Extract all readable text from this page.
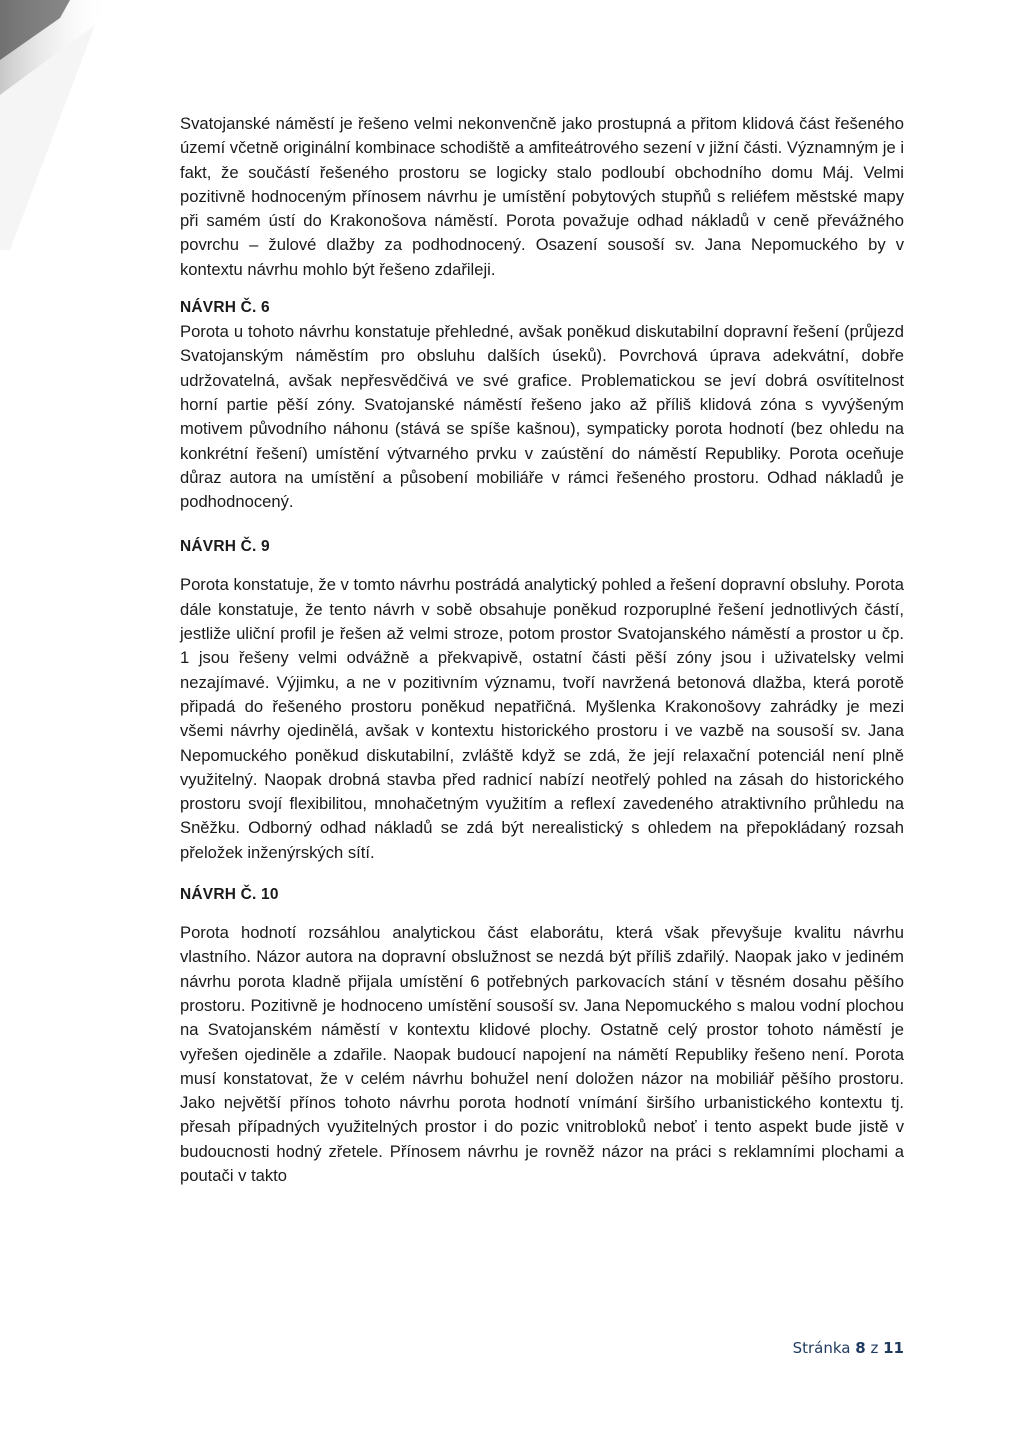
Svatojanské náměstí je řešeno velmi nekonvenčně jako prostupná a přitom klidová část řešeného území včetně originální kombinace schodiště a amfiteátrového sezení v jižní části. Významným je i fakt, že součástí řešeného prostoru se logicky stalo podloubí obchodního domu Máj. Velmi pozitivně hodnoceným přínosem návrhu je umístění pobytových stupňů s reliéfem městské mapy při samém ústí do Krakonošova náměstí. Porota považuje odhad nákladů v ceně převážného povrchu – žulové dlažby za podhodnocený. Osazení sousoší sv. Jana Nepomuckého by v kontextu návrhu mohlo být řešeno zdařileji.

NÁVRH Č. 6

Porota u tohoto návrhu konstatuje přehledné, avšak poněkud diskutabilní dopravní řešení (průjezd Svatojanským náměstím pro obsluhu dalších úseků). Povrchová úprava adekvátní, dobře udržovatelná, avšak nepřesvědčivá ve své grafice. Problematickou se jeví dobrá osvítitelnost horní partie pěší zóny. Svatojanské náměstí řešeno jako až příliš klidová zóna s vyvýšeným motivem původního náhonu (stává se spíše kašnou), sympaticky porota hodnotí (bez ohledu na konkrétní řešení) umístění výtvarného prvku v zaústění do náměstí Republiky. Porota oceňuje důraz autora na umístění a působení mobiliáře v rámci řešeného prostoru. Odhad nákladů je podhodnocený.

NÁVRH Č. 9

Porota konstatuje, že v tomto návrhu postrádá analytický pohled a řešení dopravní obsluhy. Porota dále konstatuje, že tento návrh v sobě obsahuje poněkud rozporuplné řešení jednotlivých částí, jestliže uliční profil je řešen až velmi stroze, potom prostor Svatojanského náměstí a prostor u čp. 1 jsou řešeny velmi odvážně a překvapivě, ostatní části pěší zóny jsou i uživatelsky velmi nezajímavé. Výjimku, a ne v pozitivním významu, tvoří navržená betonová dlažba, která porotě připadá do řešeného prostoru poněkud nepatřičná. Myšlenka Krakonošovy zahrádky je mezi všemi návrhy ojedinělá, avšak v kontextu historického prostoru i ve vazbě na sousoší sv. Jana Nepomuckého poněkud diskutabilní, zvláště když se zdá, že její relaxační potenciál není plně využitelný. Naopak drobná stavba před radnicí nabízí neotřelý pohled na zásah do historického prostoru svojí flexibilitou, mnohačetným využitím a reflexí zavedeného atraktivního průhledu na Sněžku. Odborný odhad nákladů se zdá být nerealistický s ohledem na přepokládaný rozsah přeložek inženýrských sítí.

NÁVRH Č. 10

Porota hodnotí rozsáhlou analytickou část elaborátu, která však převyšuje kvalitu návrhu vlastního. Názor autora na dopravní obslužnost se nezdá být příliš zdařilý. Naopak jako v jediném návrhu porota kladně přijala umístění 6 potřebných parkovacích stání v těsném dosahu pěšího prostoru. Pozitivně je hodnoceno umístění sousoší sv. Jana Nepomuckého s malou vodní plochou na Svatojanském náměstí v kontextu klidové plochy. Ostatně celý prostor tohoto náměstí je vyřešen ojediněle a zdařile. Naopak budoucí napojení na námětí Republiky řešeno není. Porota musí konstatovat, že v celém návrhu bohužel není doložen názor na mobiliář pěšího prostoru. Jako největší přínos tohoto návrhu porota hodnotí vnímání širšího urbanistického kontextu tj. přesah případných využitelných prostor i do pozic vnitrobloků neboť i tento aspekt bude jistě v budoucnosti hodný zřetele. Přínosem návrhu je rovněž názor na práci s reklamními plochami a poutači v takto

Stránka 8 z 11
